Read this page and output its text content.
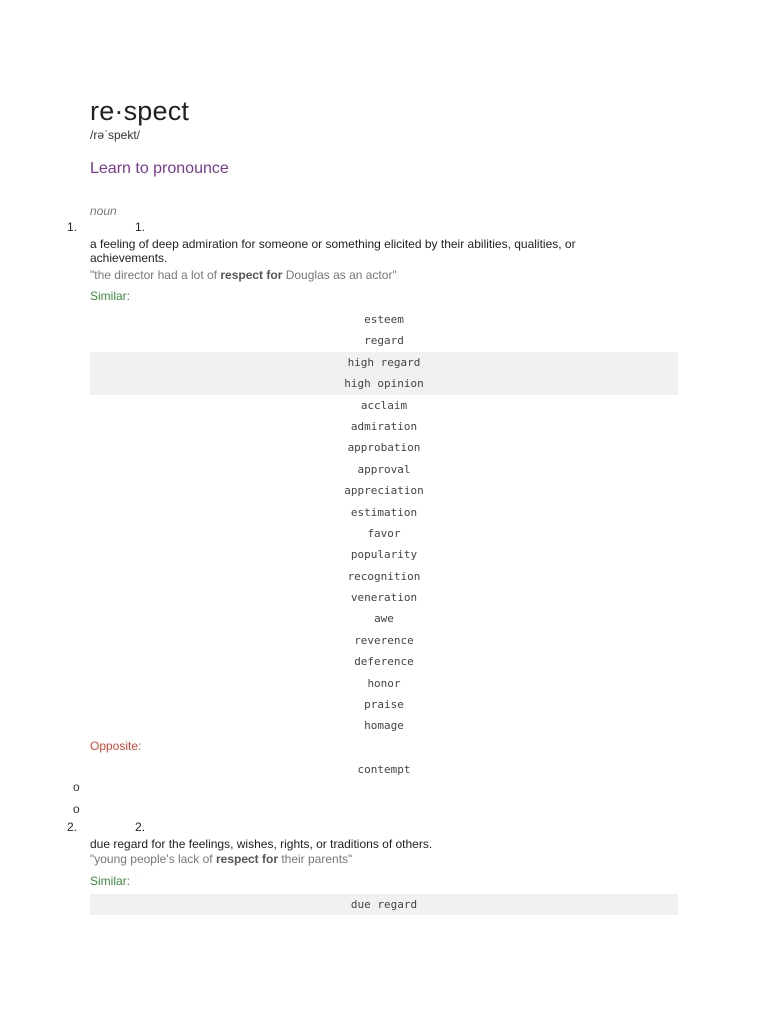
re·spect
/rəˈspekt/
Learn to pronounce
noun
1.	1.
a feeling of deep admiration for someone or something elicited by their abilities, qualities, or achievements.
"the director had a lot of respect for Douglas as an actor"
Similar:
esteem
regard
high regard
high opinion
acclaim
admiration
approbation
approval
appreciation
estimation
favor
popularity
recognition
veneration
awe
reverence
deference
honor
praise
homage
Opposite:
contempt
o
o
2.	2.
due regard for the feelings, wishes, rights, or traditions of others.
"young people's lack of respect for their parents"
Similar:
due regard
